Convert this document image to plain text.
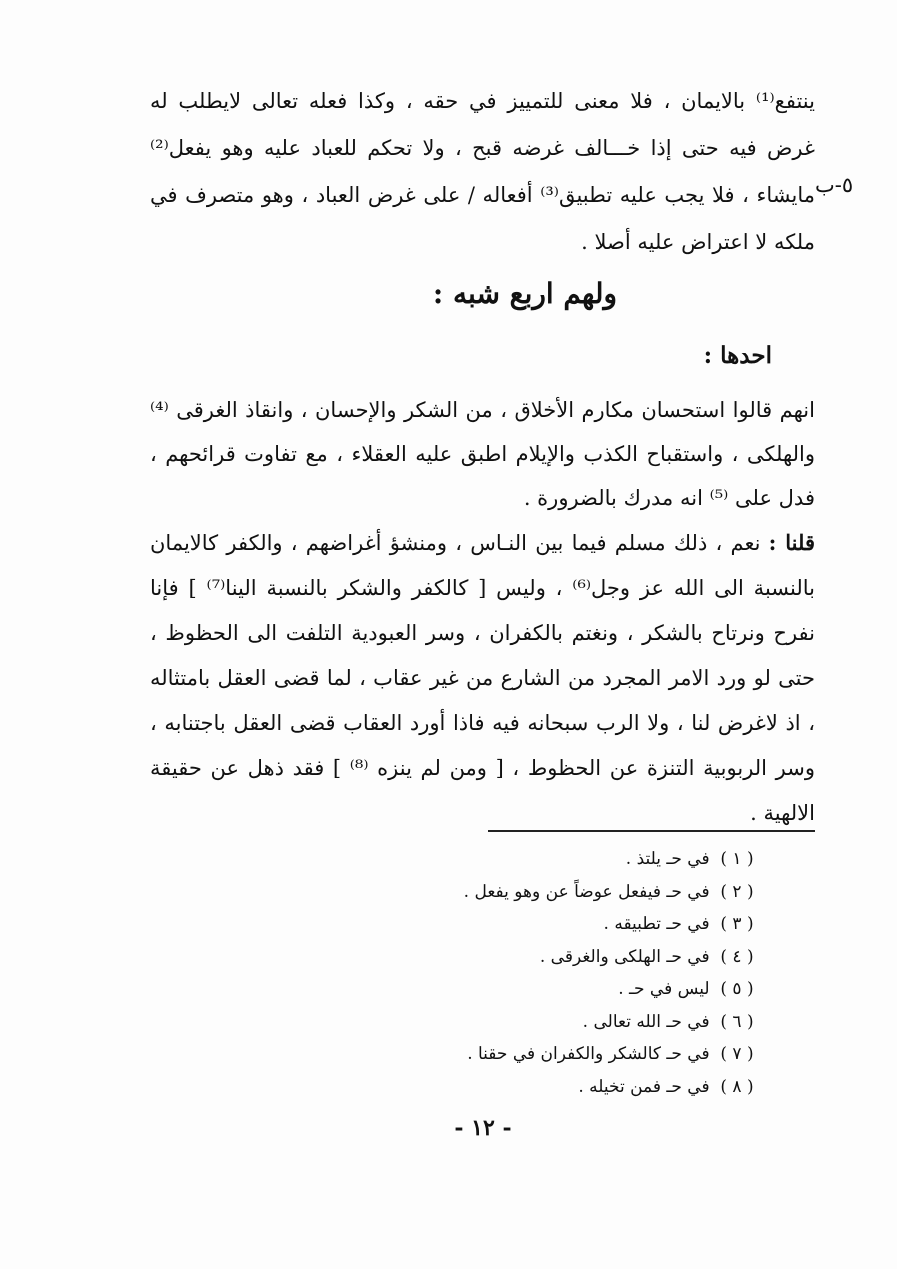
ينتفع⁽¹⁾ بالايمان ، فلا معنى للتمييز في حقه ، وكذا فعله تعالى لايطلب له غرض فيه حتى إذا خـــالف غرضه قبح ، ولا تحكم للعباد عليه وهو يفعل⁽²⁾ مايشاء ، فلا يجب عليه تطبيق⁽³⁾ أفعاله / على غرض العباد ، وهو متصرف في ملكه لا اعتراض عليه أصلا .

٥-ب
ولهم اربع شبه :
احدها :

انهم قالوا استحسان مكارم الأخلاق ، من الشكر والإحسان ، وانقاذ الغرقى ⁽⁴⁾ والهلكى ، واستقباح الكذب والإيلام اطبق عليه العقلاء ، مع تفاوت قرائحهم ، فدل على ⁽⁵⁾ انه مدرك بالضرورة .

قلنا : نعم ، ذلك مسلم فيما بين النـاس ، ومنشؤ أغراضهم ، والكفر كالايمان بالنسبة الى الله عز وجل⁽⁶⁾ ، وليس [ كالكفر والشكر بالنسبة الينا⁽⁷⁾ ] فإنا نفرح ونرتاح بالشكر ، ونغتم بالكفران ، وسر العبودية التلفت الى الحظوظ ، حتى لو ورد الامر المجرد من الشارع من غير عقاب ، لما قضى العقل بامتثاله ، اذ لاغرض لنا ، ولا الرب سبحانه فيه فاذا أورد العقاب قضى العقل باجتنابه ، وسر الربوبية التنزة عن الحظوط ، [ ومن لم ينزه ⁽⁸⁾ ] فقد ذهل عن حقيقة الالهية .

( ١ ) في حـ يلتذ .
( ٢ ) في حـ فيفعل عوضاً عن وهو يفعل .
( ٣ ) في حـ تطبيقه .
( ٤ ) في حـ الهلكى والغرقى .
( ٥ ) ليس في حـ .
( ٦ ) في حـ الله تعالى .
( ٧ ) في حـ كالشكر والكفران في حقنا .
( ٨ ) في حـ فمن تخيله .
- ١٢ -
